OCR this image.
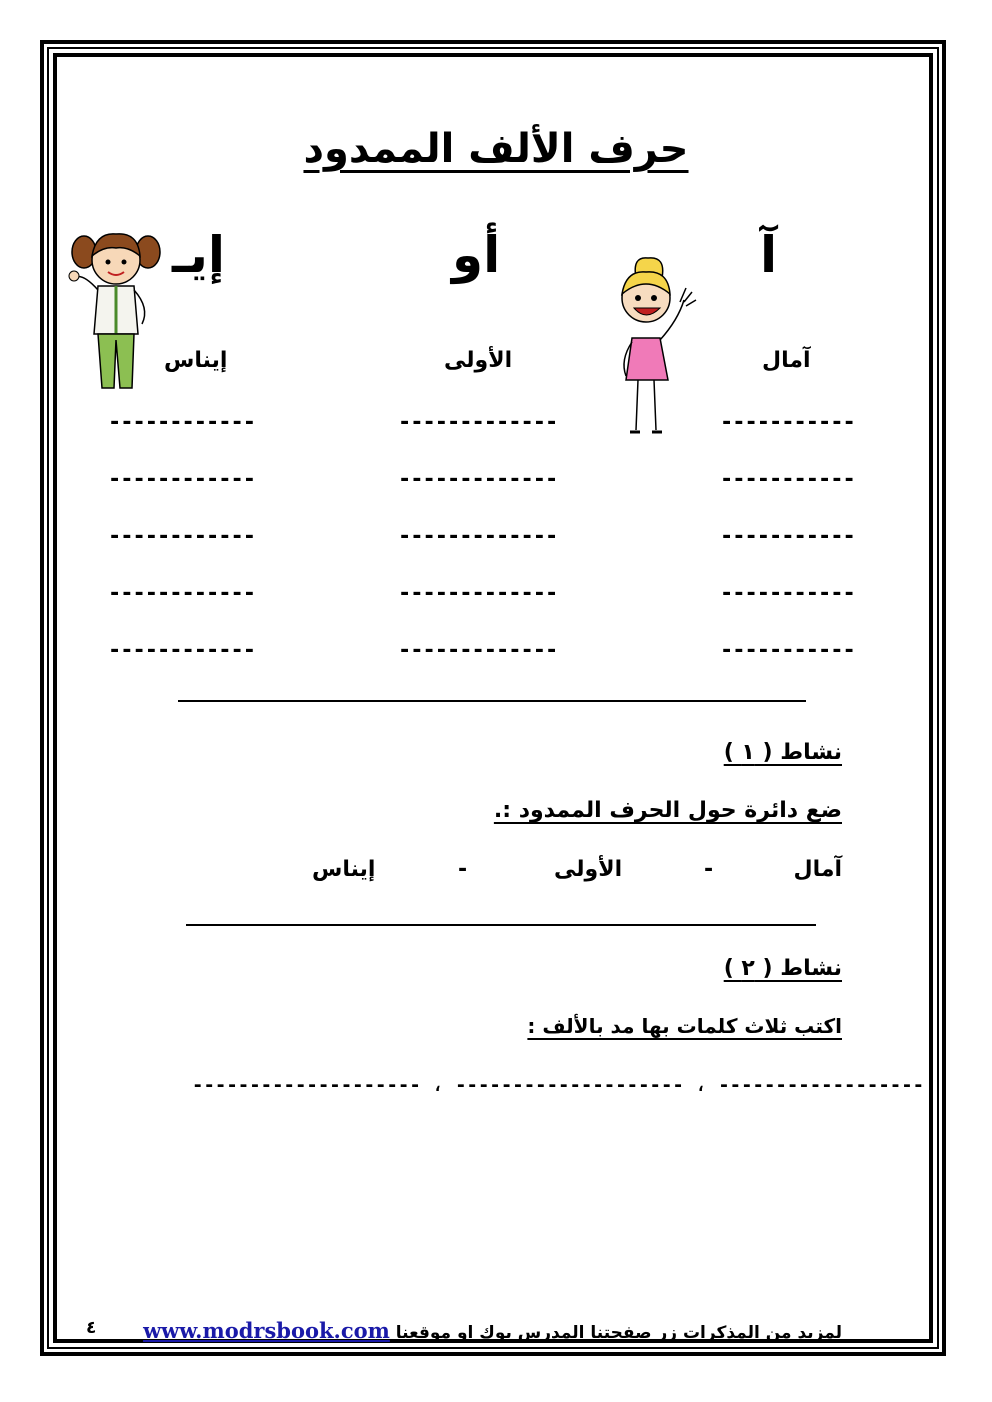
حرف الألف الممدود
آ
أو
إيـ
آمال
الأولى
إيناس
-----------
-------------
------------
-----------
-------------
------------
-----------
-------------
------------
-----------
-------------
------------
-----------
-------------
------------
نشاط ( ١ )
ضع دائرة حول الحرف الممدود :.
آمال
-
الأولى
-
إيناس
نشاط ( ٢ )
اكتب ثلاث كلمات بها مد بالألف :
-------------------- ، -------------------- ، ------------------
٤	لمزيد من المذكرات زر صفحتنا المدرس بوك او موقعنا www.modrsbook.com
